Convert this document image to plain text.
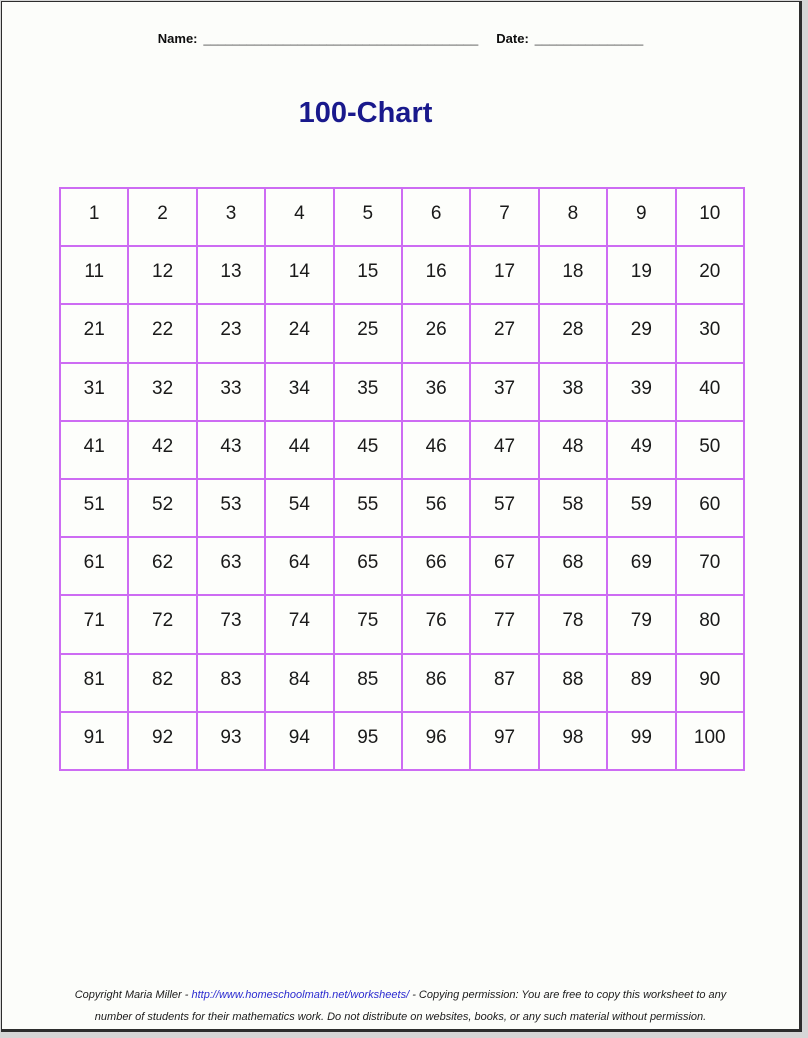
Name: ______________________________________ Date: _______________
100-Chart
1	2	3	4	5	6	7	8	9	10
11	12	13	14	15	16	17	18	19	20
21	22	23	24	25	26	27	28	29	30
31	32	33	34	35	36	37	38	39	40
41	42	43	44	45	46	47	48	49	50
51	52	53	54	55	56	57	58	59	60
61	62	63	64	65	66	67	68	69	70
71	72	73	74	75	76	77	78	79	80
81	82	83	84	85	86	87	88	89	90
91	92	93	94	95	96	97	98	99	100
Copyright Maria Miller - http://www.homeschoolmath.net/worksheets/ - Copying permission: You are free to copy this worksheet to any
number of students for their mathematics work. Do not distribute on websites, books, or any such material without permission.
